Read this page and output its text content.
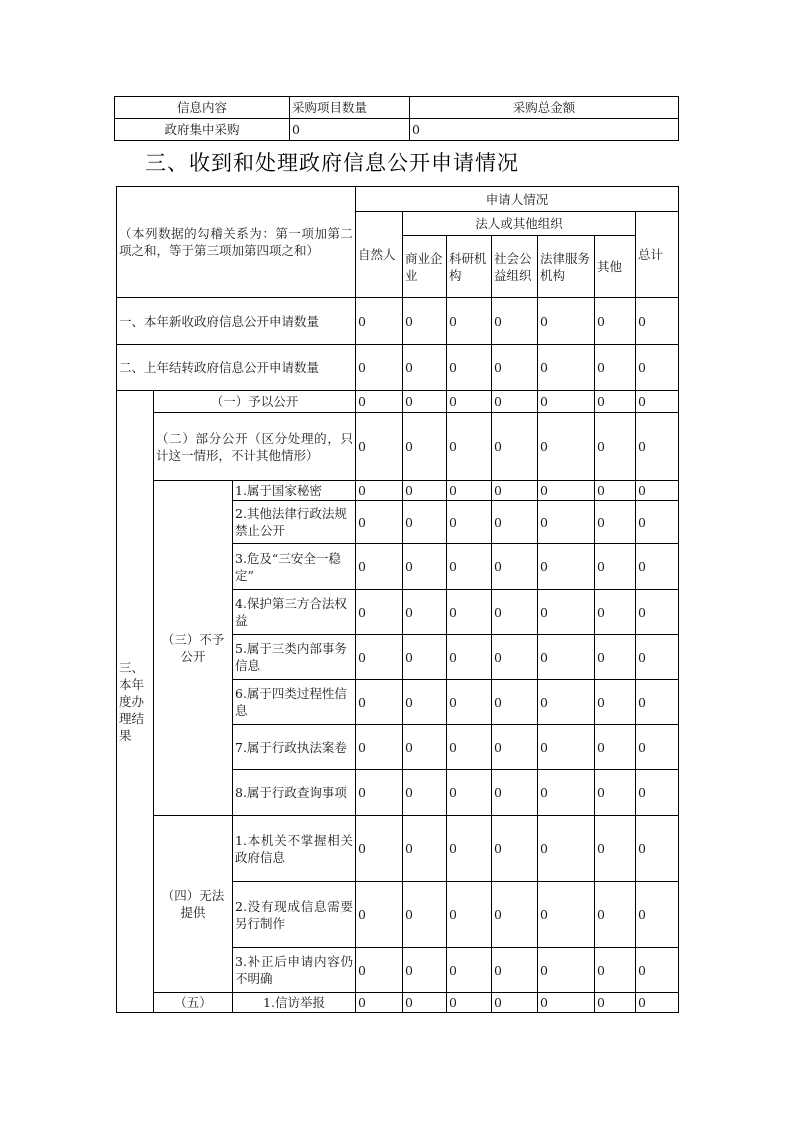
信息内容	采购项目数量	采购总金额
政府集中采购	0	0
三、收到和处理政府信息公开申请情况
（本列数据的勾稽关系为：第一项加第二项之和，等于第三项加第四项之和）			申请人情况						
			自然人	法人或其他组织					总计
				商业企业	科研机构	社会公益组织	法律服务机构	其他	
一、本年新收政府信息公开申请数量			0	0	0	0	0	0	0
二、上年结转政府信息公开申请数量			0	0	0	0	0	0	0
三、本年度办理结果	（一）予以公开		0	0	0	0	0	0	0
	（二）部分公开（区分处理的，只计这一情形，不计其他情形）		0	0	0	0	0	0	0
	（三）不予公开	1.属于国家秘密	0	0	0	0	0	0	0
		2.其他法律行政法规禁止公开	0	0	0	0	0	0	0
		3.危及“三安全一稳定”	0	0	0	0	0	0	0
		4.保护第三方合法权益	0	0	0	0	0	0	0
		5.属于三类内部事务信息	0	0	0	0	0	0	0
		6.属于四类过程性信息	0	0	0	0	0	0	0
		7.属于行政执法案卷	0	0	0	0	0	0	0
		8.属于行政查询事项	0	0	0	0	0	0	0
	（四）无法提供	1.本机关不掌握相关政府信息	0	0	0	0	0	0	0
		2.没有现成信息需要另行制作	0	0	0	0	0	0	0
		3.补正后申请内容仍不明确	0	0	0	0	0	0	0
	（五）	1.信访举报	0	0	0	0	0	0	0
